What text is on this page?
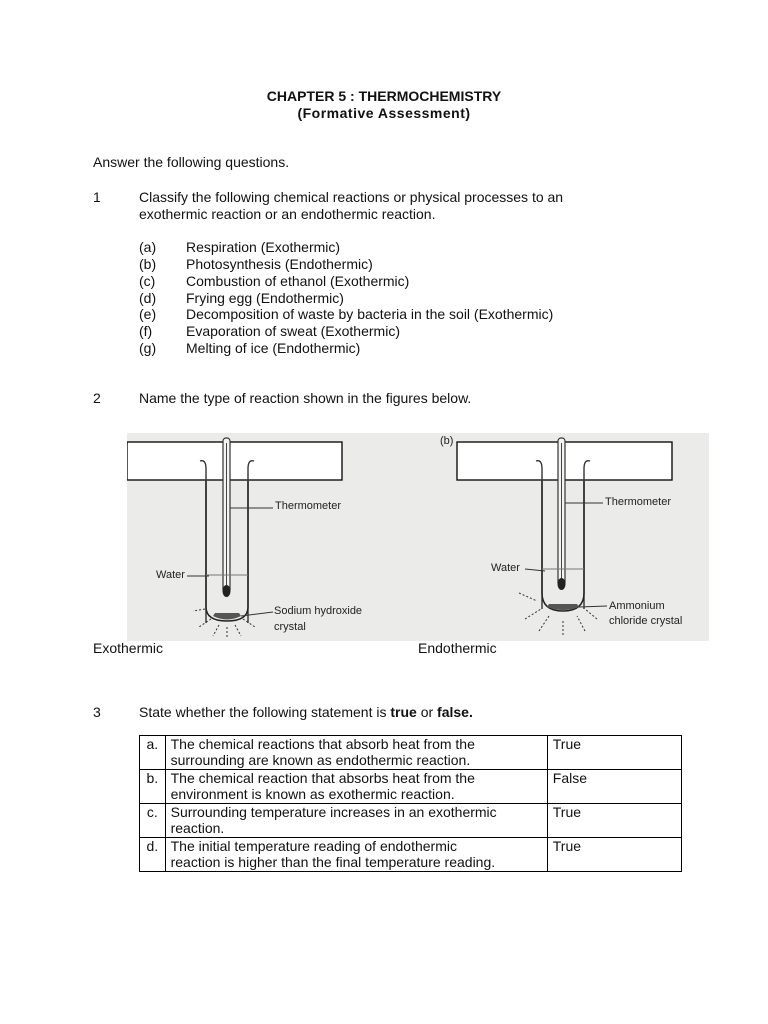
CHAPTER 5 : THERMOCHEMISTRY
(Formative Assessment)
Answer the following questions.
1	Classify the following chemical reactions or physical processes to an
exothermic reaction or an endothermic reaction.
(a) Respiration (Exothermic)
(b) Photosynthesis (Endothermic)
(c) Combustion of ethanol (Exothermic)
(d) Frying egg (Endothermic)
(e) Decomposition of waste by bacteria in the soil (Exothermic)
(f) Evaporation of sweat (Exothermic)
(g) Melting of ice (Endothermic)
2	Name the type of reaction shown in the figures below.
Thermometer
Water
Sodium hydroxide
crystal
(b)
Thermometer
Water
Ammonium
chloride crystal
Exothermic	Endothermic
3	State whether the following statement is true or false.
a.	The chemical reactions that absorb heat from the
surrounding are known as endothermic reaction.	True
b.	The chemical reaction that absorbs heat from the
environment is known as exothermic reaction.	False
c.	Surrounding temperature increases in an exothermic
reaction.	True
d.	The initial temperature reading of endothermic
reaction is higher than the final temperature reading.	True
